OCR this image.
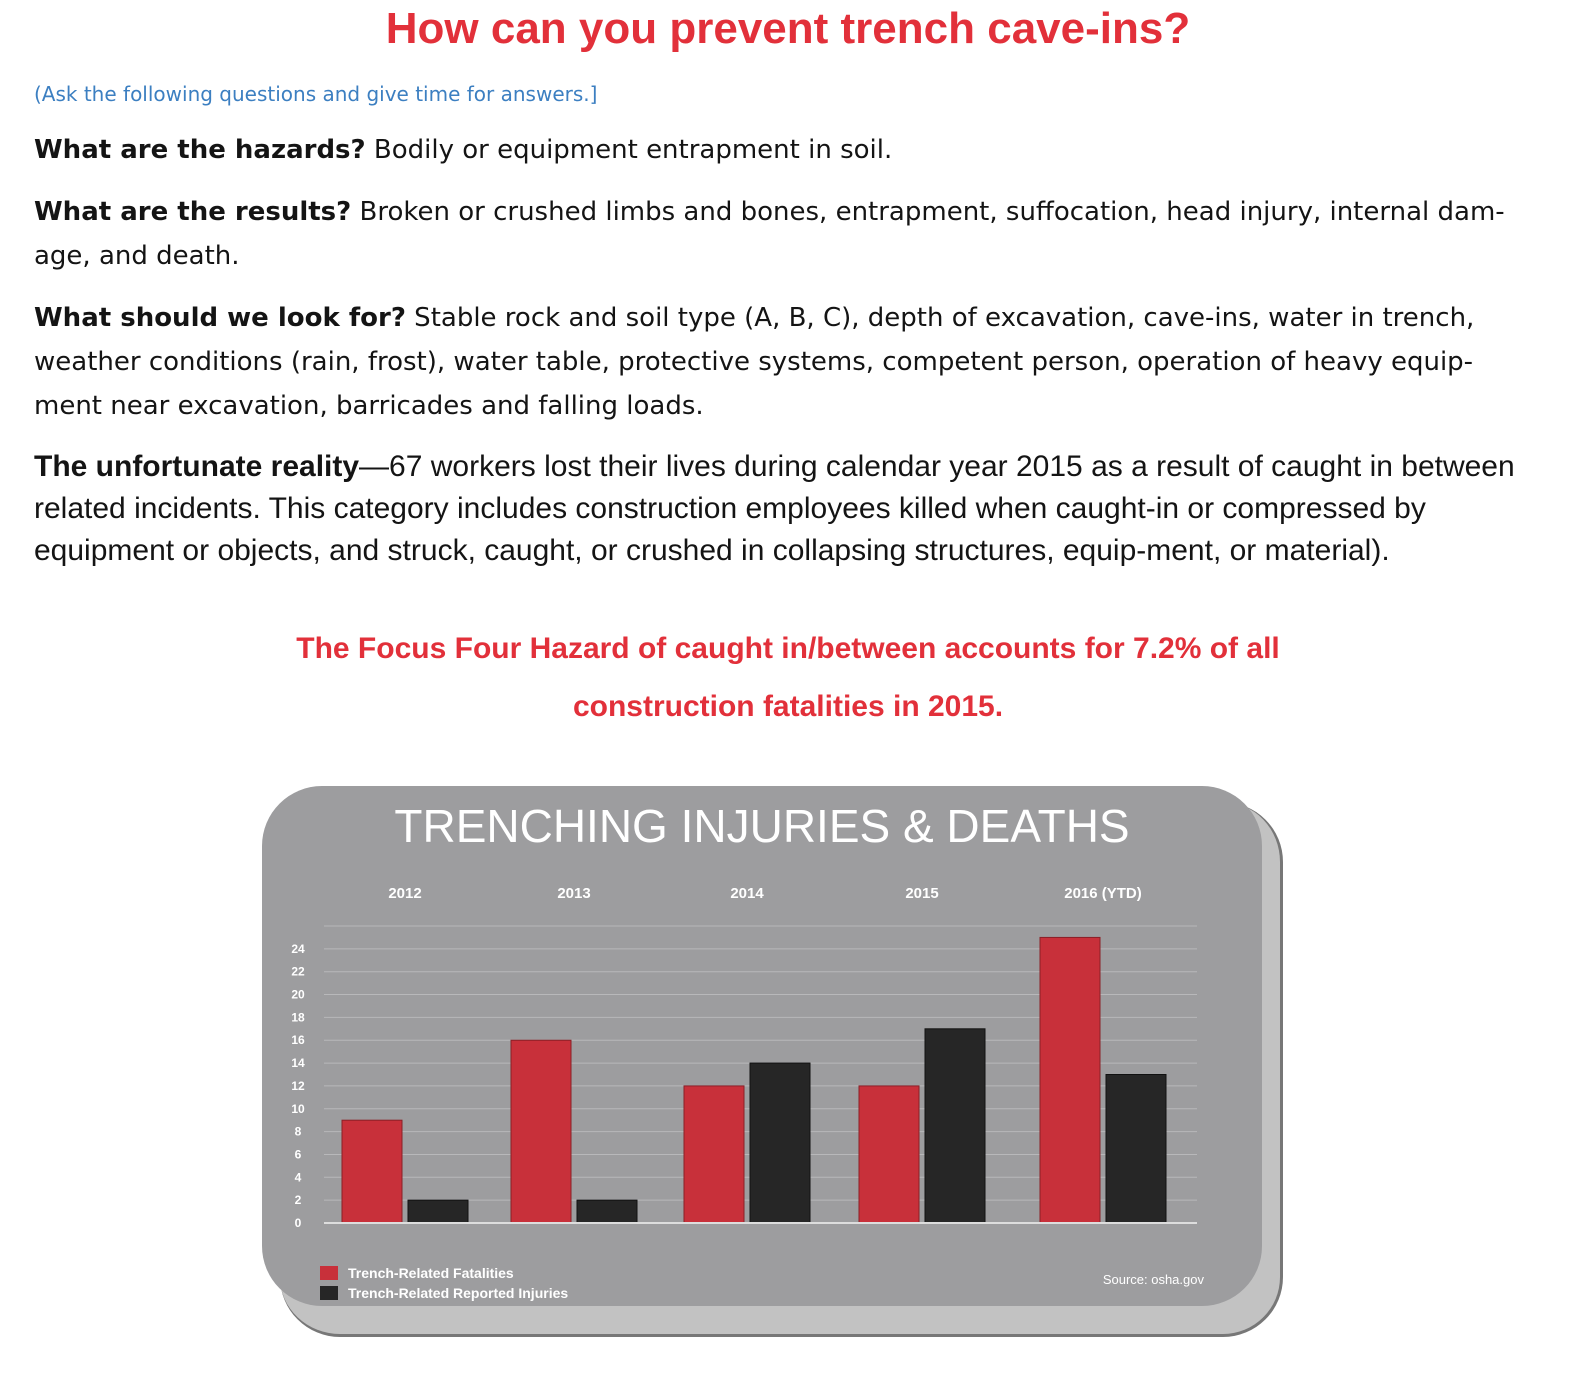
How can you prevent trench cave-ins?
(Ask the following questions and give time for answers.]
What are the hazards? Bodily or equipment entrapment in soil.
What are the results? Broken or crushed limbs and bones, entrapment, suffocation, head injury, internal dam-age, and death.
What should we look for? Stable rock and soil type (A, B, C), depth of excavation, cave-ins, water in trench, weather conditions (rain, frost), water table, protective systems, competent person, operation of heavy equip-ment near excavation, barricades and falling loads.
The unfortunate reality—67 workers lost their lives during calendar year 2015 as a result of caught in between related incidents. This category includes construction employees killed when caught-in or compressed by equipment or objects, and struck, caught, or crushed in collapsing structures, equip-ment, or material).
The Focus Four Hazard of caught in/between accounts for 7.2% of all
construction fatalities in 2015.
TRENCHING INJURIES & DEATHS
0
2
4
6
8
10
12
14
16
18
20
22
24
2012	2013	2014	2015	2016 (YTD)
Trench-Related Fatalities
Trench-Related Reported Injuries
Source: osha.gov
